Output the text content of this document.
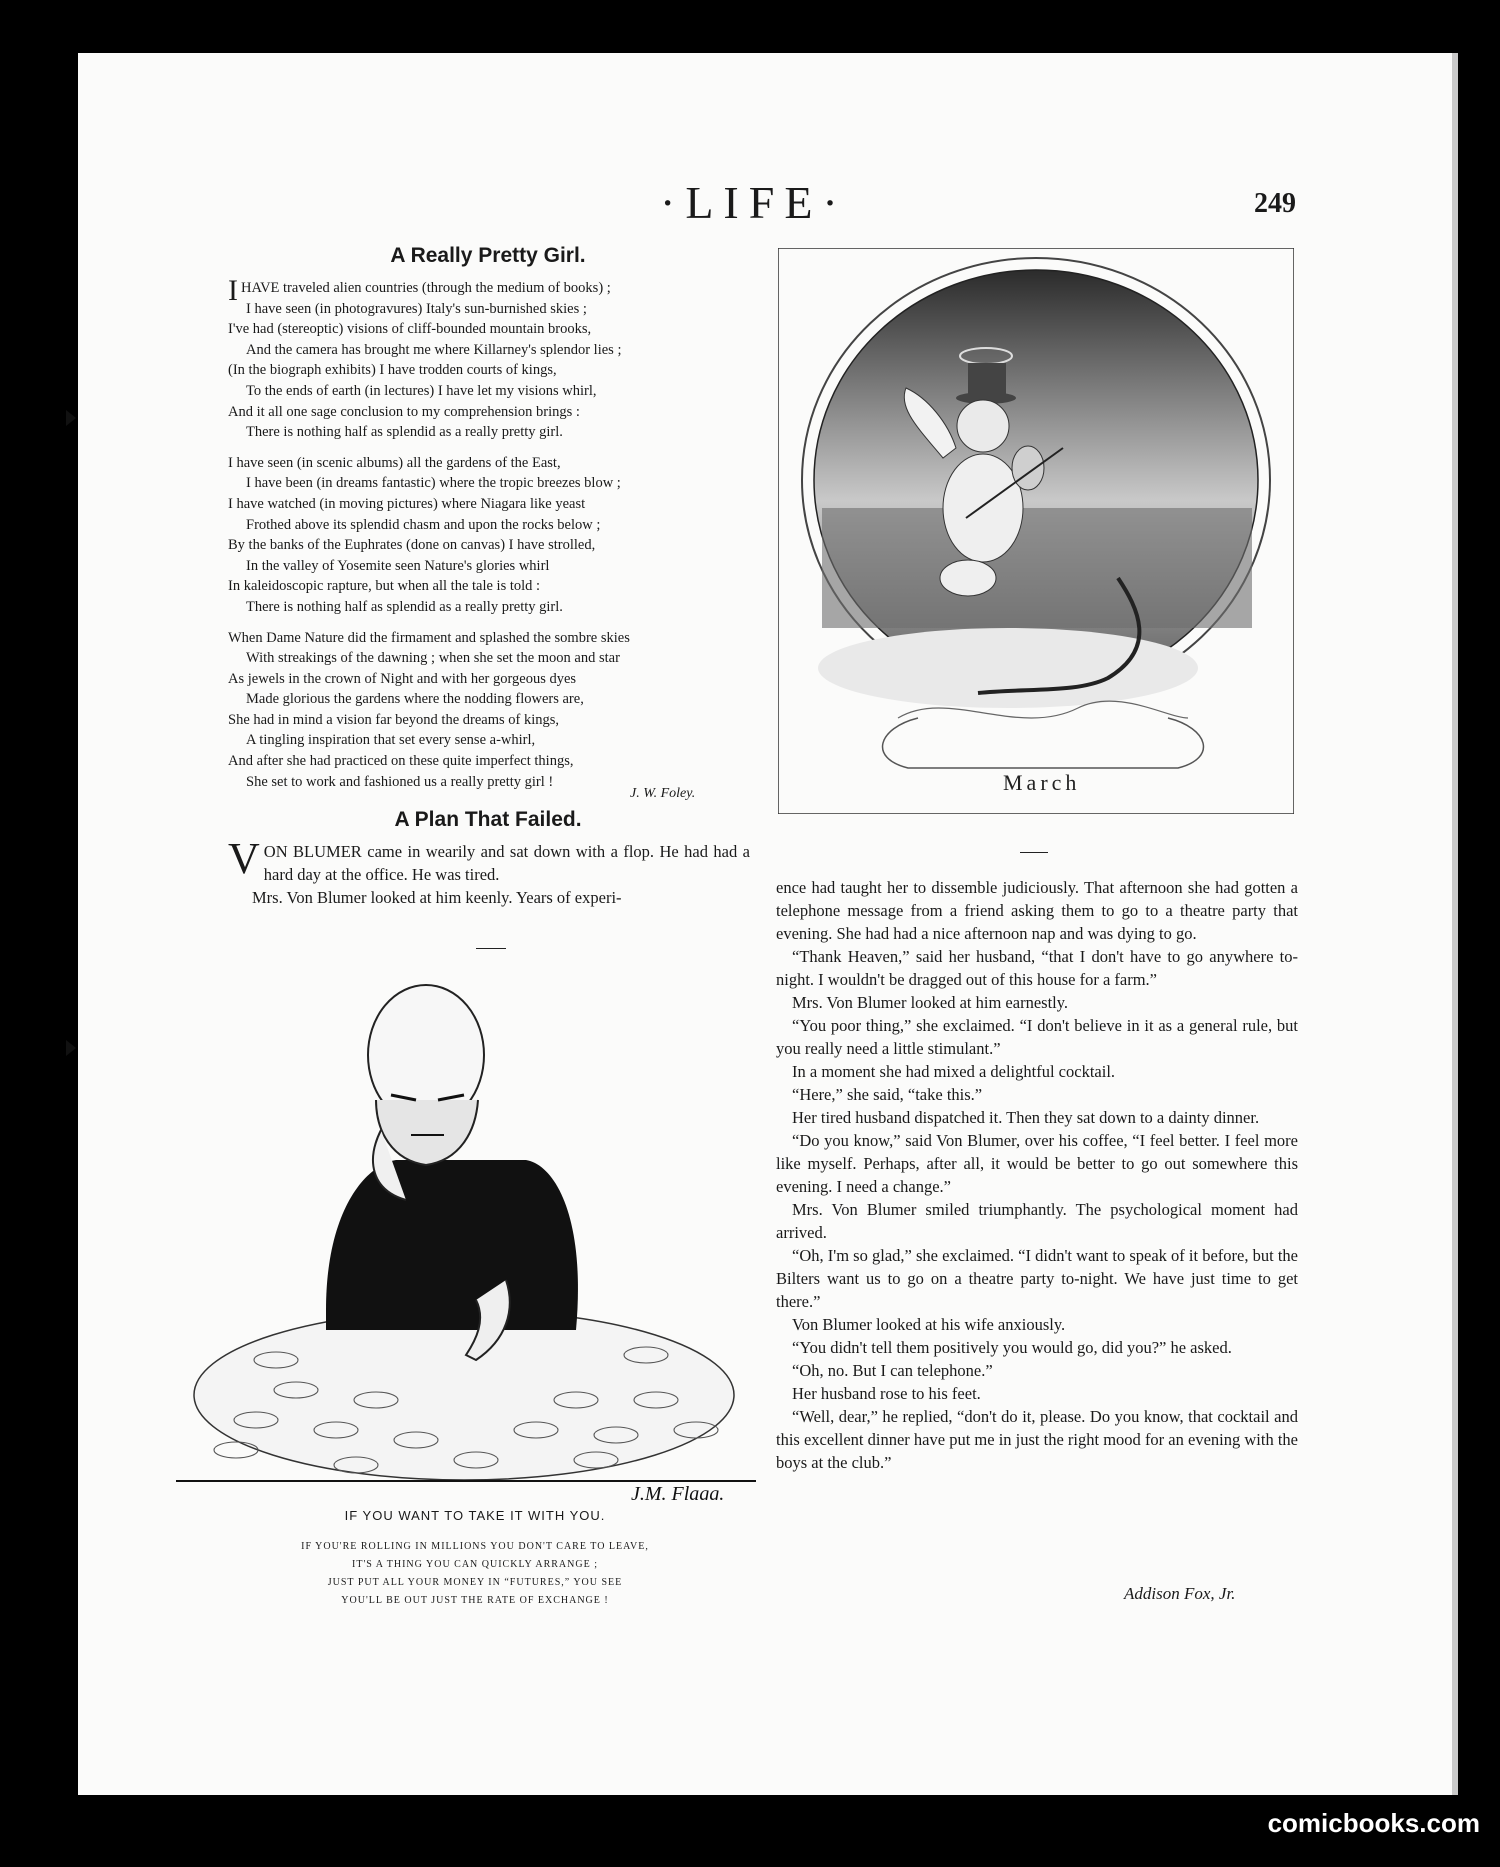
·LIFE·	249
A Really Pretty Girl.
IHAVE traveled alien countries (through the medium of books) ;
I have seen (in photogravures) Italy's sun-burnished skies ;
I've had (stereoptic) visions of cliff-bounded mountain brooks,
And the camera has brought me where Killarney's splendor lies ;
(In the biograph exhibits) I have trodden courts of kings,
To the ends of earth (in lectures) I have let my visions whirl,
And it all one sage conclusion to my comprehension brings :
There is nothing half as splendid as a really pretty girl.
I have seen (in scenic albums) all the gardens of the East,
I have been (in dreams fantastic) where the tropic breezes blow ;
I have watched (in moving pictures) where Niagara like yeast
Frothed above its splendid chasm and upon the rocks below ;
By the banks of the Euphrates (done on canvas) I have strolled,
In the valley of Yosemite seen Nature's glories whirl
In kaleidoscopic rapture, but when all the tale is told :
There is nothing half as splendid as a really pretty girl.
When Dame Nature did the firmament and splashed the sombre skies
With streakings of the dawning ; when she set the moon and star
As jewels in the crown of Night and with her gorgeous dyes
Made glorious the gardens where the nodding flowers are,
She had in mind a vision far beyond the dreams of kings,
A tingling inspiration that set every sense a-whirl,
And after she had practiced on these quite imperfect things,
She set to work and fashioned us a really pretty girl !
J. W. Foley.
A Plan That Failed.

VON BLUMER came in wearily and sat down with a flop. He had had a hard day at the office. He was tired.

Mrs. Von Blumer looked at him keenly. Years of experi-

March

ence had taught her to dissemble judiciously. That afternoon she had gotten a telephone message from a friend asking them to go to a theatre party that evening. She had had a nice afternoon nap and was dying to go.

“Thank Heaven,” said her husband, “that I don't have to go anywhere to-night. I wouldn't be dragged out of this house for a farm.”

Mrs. Von Blumer looked at him earnestly.

“You poor thing,” she exclaimed. “I don't believe in it as a general rule, but you really need a little stimulant.”

In a moment she had mixed a delightful cocktail.

“Here,” she said, “take this.”

Her tired husband dispatched it. Then they sat down to a dainty dinner.

“Do you know,” said Von Blumer, over his coffee, “I feel better. I feel more like myself. Perhaps, after all, it would be better to go out somewhere this evening. I need a change.”

Mrs. Von Blumer smiled triumphantly. The psychological moment had arrived.

“Oh, I'm so glad,” she exclaimed. “I didn't want to speak of it before, but the Bilters want us to go on a theatre party to-night. We have just time to get there.”

Von Blumer looked at his wife anxiously.

“You didn't tell them positively you would go, did you?” he asked.

“Oh, no. But I can telephone.”

Her husband rose to his feet.

“Well, dear,” he replied, “don't do it, please. Do you know, that cocktail and this excellent dinner have put me in just the right mood for an evening with the boys at the club.”

Addison Fox, Jr.
J.M. Flagg.
IF YOU WANT TO TAKE IT WITH YOU.
IF YOU'RE ROLLING IN MILLIONS YOU DON'T CARE TO LEAVE,
IT'S A THING YOU CAN QUICKLY ARRANGE ;
JUST PUT ALL YOUR MONEY IN “FUTURES,” YOU SEE
YOU'LL BE OUT JUST THE RATE OF EXCHANGE !
comicbooks.com
